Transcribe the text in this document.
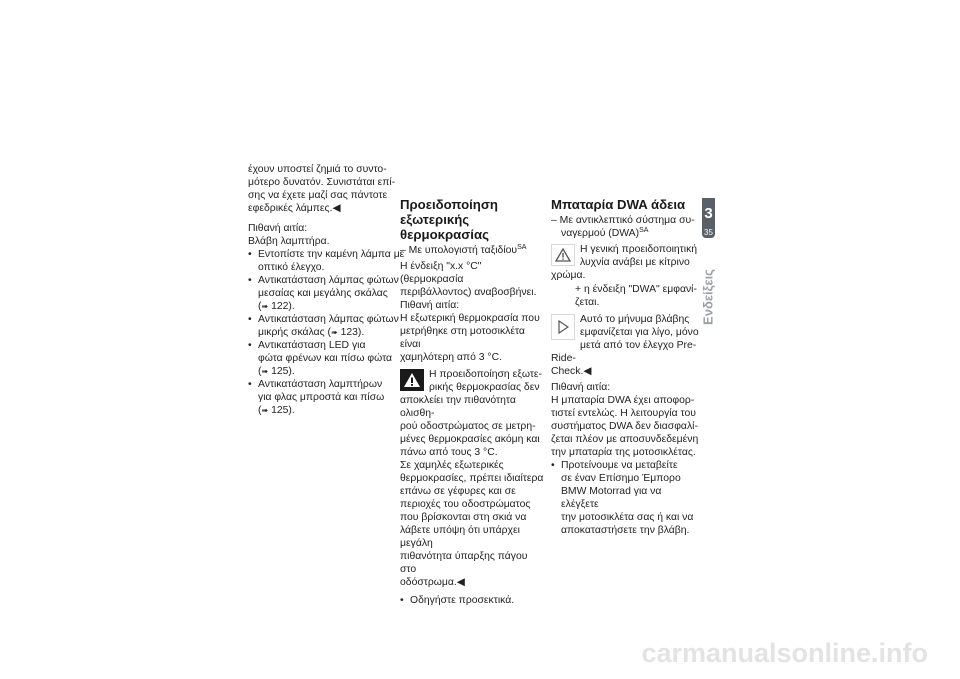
έχουν υποστεί ζημιά το συντο-
μότερο δυνατόν. Συνιστάται επί-
σης να έχετε μαζί σας πάντοτε
εφεδρικές λάμπες.◀

Πιθανή αιτία:

Βλάβη λαμπτήρα.

• Εντοπίστε την καμένη λάμπα με
οπτικό έλεγχο.
• Αντικατάσταση λάμπας φώτων
μεσαίας και μεγάλης σκάλας
(➠ 122).
• Αντικατάσταση λάμπας φώτων
μικρής σκάλας (➠ 123).
• Αντικατάσταση LED για
φώτα φρένων και πίσω φώτα
(➠ 125).
• Αντικατάσταση λαμπτήρων
για φλας μπροστά και πίσω
(➠ 125).
Προειδοποίηση
εξωτερικής θερμοκρασίας

– Με υπολογιστή ταξιδίου$^{SA}$

Η ένδειξη "x.x °C" (θερμοκρασία
περιβάλλοντος) αναβοσβήνει.

Πιθανή αιτία:

Η εξωτερική θερμοκρασία που
μετρήθηκε στη μοτοσικλέτα είναι
χαμηλότερη από 3 °C.

Η προειδοποίηση εξωτε-
ρικής θερμοκρασίας δεν
αποκλείει την πιθανότητα ολισθη-
ρού οδοστρώματος σε μετρη-
μένες θερμοκρασίες ακόμη και
πάνω από τους 3 °C.
Σε χαμηλές εξωτερικές
θερμοκρασίες, πρέπει ιδιαίτερα
επάνω σε γέφυρες και σε
περιοχές του οδοστρώματος
που βρίσκονται στη σκιά να
λάβετε υπόψη ότι υπάρχει μεγάλη
πιθανότητα ύπαρξης πάγου στο
οδόστρωμα.◀

• Οδηγήστε προσεκτικά.
Μπαταρία DWA άδεια

– Με αντικλεπτικό σύστημα συ-
ναγερμού (DWA)$^{SA}$

Η γενική προειδοποιητική
λυχνία ανάβει με κίτρινο
χρώμα.

+ η ένδειξη "DWA" εμφανί-
ζεται.

Αυτό το μήνυμα βλάβης
εμφανίζεται για λίγο, μόνο
μετά από τον έλεγχο Pre-Ride-
Check.◀

Πιθανή αιτία:

Η μπαταρία DWA έχει αποφορ-
τιστεί εντελώς. Η λειτουργία του
συστήματος DWA δεν διασφαλί-
ζεται πλέον με αποσυνδεδεμένη
την μπαταρία της μοτοσικλέτας.

• Προτείνουμε να μεταβείτε
σε έναν Επίσημο Έμπορο
BMW Motorrad για να ελέγξετε
την μοτοσικλέτα σας ή και να
αποκαταστήσετε την βλάβη.
3
35
Ενδείξεις
carmanualsonline.info
